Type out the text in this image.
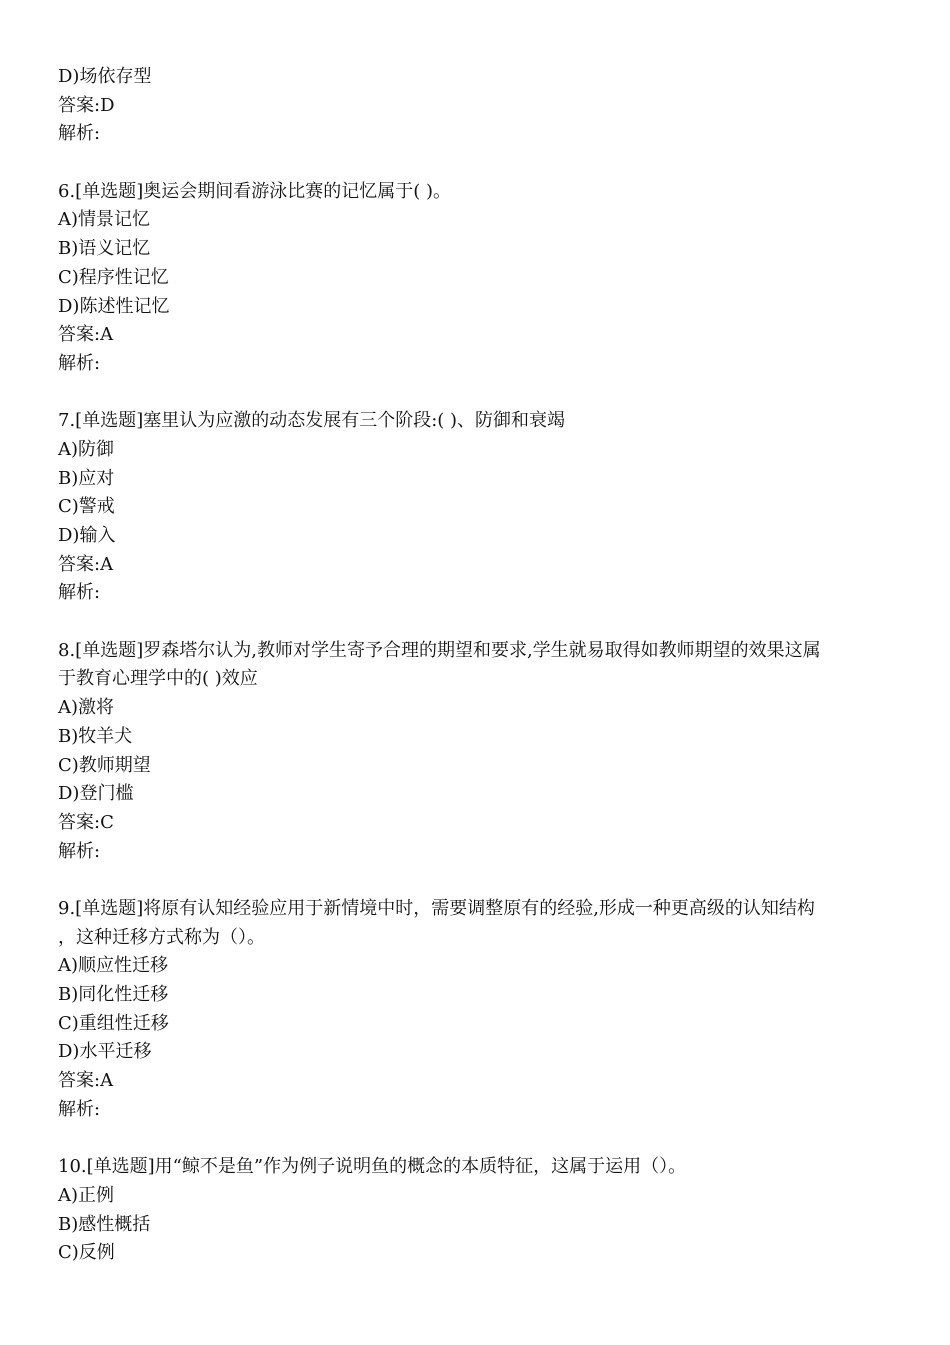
D)场依存型
答案:D
解析:
6.[单选题]奥运会期间看游泳比赛的记忆属于( )。
A)情景记忆
B)语义记忆
C)程序性记忆
D)陈述性记忆
答案:A
解析:
7.[单选题]塞里认为应激的动态发展有三个阶段:( )、防御和衰竭
A)防御
B)应对
C)警戒
D)输入
答案:A
解析:
8.[单选题]罗森塔尔认为,教师对学生寄予合理的期望和要求,学生就易取得如教师期望的效果这属
于教育心理学中的( )效应
A)激将
B)牧羊犬
C)教师期望
D)登门槛
答案:C
解析:
9.[单选题]将原有认知经验应用于新情境中时，需要调整原有的经验,形成一种更高级的认知结构
，这种迁移方式称为（）。
A)顺应性迁移
B)同化性迁移
C)重组性迁移
D)水平迁移
答案:A
解析:
10.[单选题]用“鲸不是鱼”作为例子说明鱼的概念的本质特征，这属于运用（）。
A)正例
B)感性概括
C)反例
